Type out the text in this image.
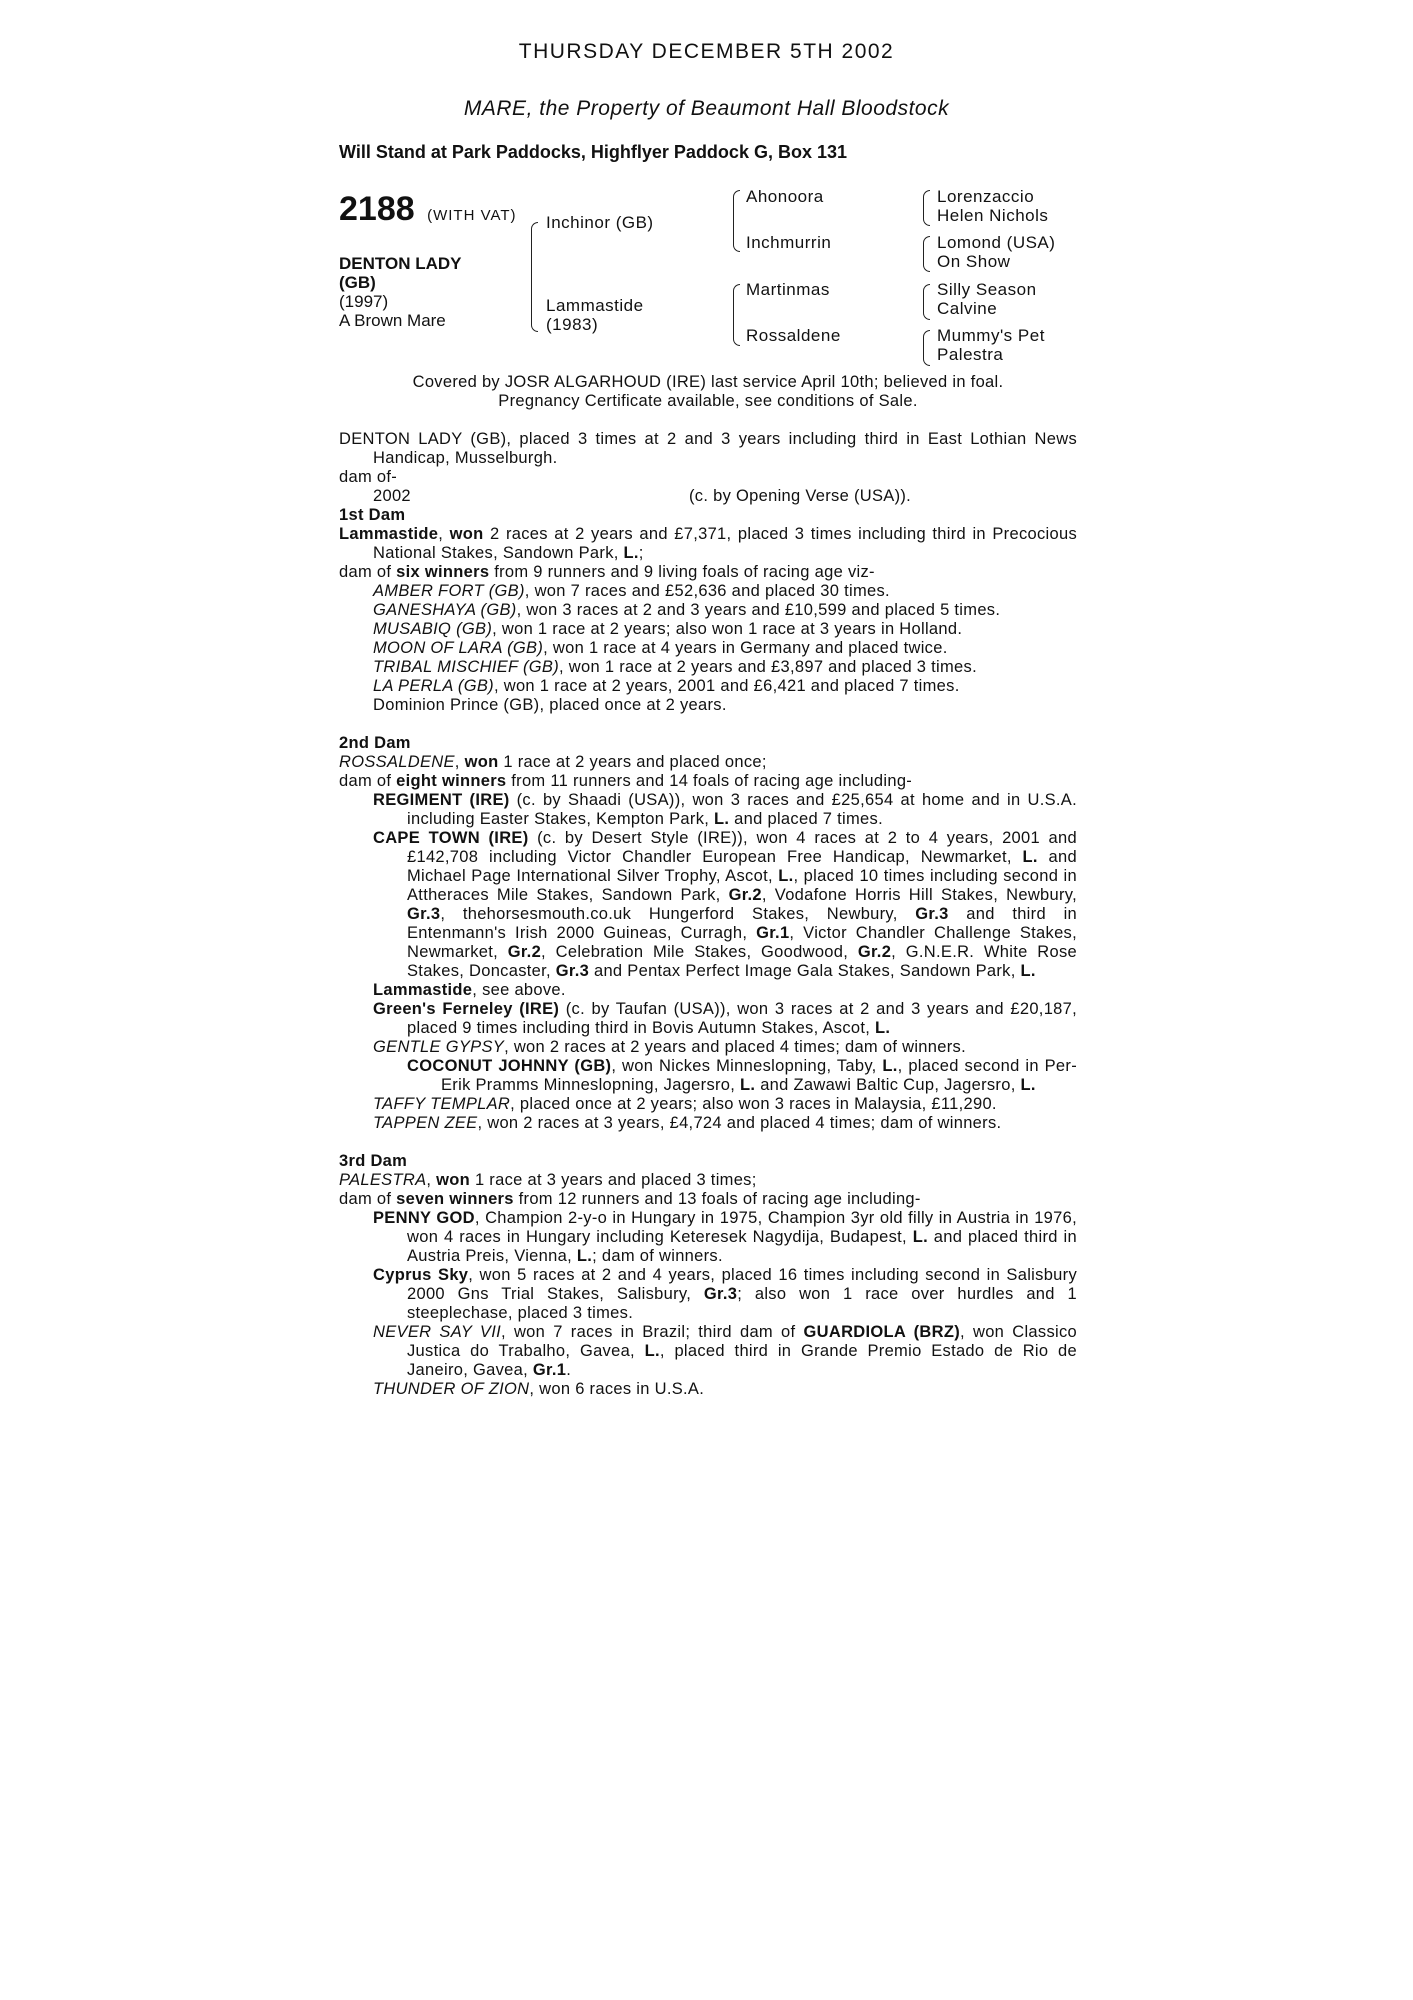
THURSDAY DECEMBER 5TH 2002
MARE, the Property of Beaumont Hall Bloodstock
Will Stand at Park Paddocks, Highflyer Paddock G, Box 131
2188 (WITH VAT)
DENTON LADY
(GB)
(1997)
A Brown Mare
Inchinor (GB)
Lammastide
(1983)
Ahonoora
Inchmurrin
Martinmas
Rossaldene
Lorenzaccio
Helen Nichols
Lomond (USA)
On Show
Silly Season
Calvine
Mummy's Pet
Palestra
Covered by JOSR ALGARHOUD (IRE) last service April 10th; believed in foal.
Pregnancy Certificate available, see conditions of Sale.

DENTON LADY (GB), placed 3 times at 2 and 3 years including third in East Lothian News Handicap, Musselburgh.

dam of-

2002	(c. by Opening Verse (USA)).
1st Dam

Lammastide, won 2 races at 2 years and £7,371, placed 3 times including third in Precocious National Stakes, Sandown Park, L.;

dam of six winners from 9 runners and 9 living foals of racing age viz-

AMBER FORT (GB), won 7 races and £52,636 and placed 30 times.

GANESHAYA (GB), won 3 races at 2 and 3 years and £10,599 and placed 5 times.

MUSABIQ (GB), won 1 race at 2 years; also won 1 race at 3 years in Holland.

MOON OF LARA (GB), won 1 race at 4 years in Germany and placed twice.

TRIBAL MISCHIEF (GB), won 1 race at 2 years and £3,897 and placed 3 times.

LA PERLA (GB), won 1 race at 2 years, 2001 and £6,421 and placed 7 times.

Dominion Prince (GB), placed once at 2 years.

2nd Dam

ROSSALDENE, won 1 race at 2 years and placed once;

dam of eight winners from 11 runners and 14 foals of racing age including-

REGIMENT (IRE) (c. by Shaadi (USA)), won 3 races and £25,654 at home and in U.S.A. including Easter Stakes, Kempton Park, L. and placed 7 times.

CAPE TOWN (IRE) (c. by Desert Style (IRE)), won 4 races at 2 to 4 years, 2001 and £142,708 including Victor Chandler European Free Handicap, Newmarket, L. and Michael Page International Silver Trophy, Ascot, L., placed 10 times including second in Attheraces Mile Stakes, Sandown Park, Gr.2, Vodafone Horris Hill Stakes, Newbury, Gr.3, thehorsesmouth.co.uk Hungerford Stakes, Newbury, Gr.3 and third in Entenmann's Irish 2000 Guineas, Curragh, Gr.1, Victor Chandler Challenge Stakes, Newmarket, Gr.2, Celebration Mile Stakes, Goodwood, Gr.2, G.N.E.R. White Rose Stakes, Doncaster, Gr.3 and Pentax Perfect Image Gala Stakes, Sandown Park, L.

Lammastide, see above.

Green's Ferneley (IRE) (c. by Taufan (USA)), won 3 races at 2 and 3 years and £20,187, placed 9 times including third in Bovis Autumn Stakes, Ascot, L.

GENTLE GYPSY, won 2 races at 2 years and placed 4 times; dam of winners.

COCONUT JOHNNY (GB), won Nickes Minneslopning, Taby, L., placed second in Per-Erik Pramms Minneslopning, Jagersro, L. and Zawawi Baltic Cup, Jagersro, L.

TAFFY TEMPLAR, placed once at 2 years; also won 3 races in Malaysia, £11,290.

TAPPEN ZEE, won 2 races at 3 years, £4,724 and placed 4 times; dam of winners.

3rd Dam

PALESTRA, won 1 race at 3 years and placed 3 times;

dam of seven winners from 12 runners and 13 foals of racing age including-

PENNY GOD, Champion 2-y-o in Hungary in 1975, Champion 3yr old filly in Austria in 1976, won 4 races in Hungary including Keteresek Nagydija, Budapest, L. and placed third in Austria Preis, Vienna, L.; dam of winners.

Cyprus Sky, won 5 races at 2 and 4 years, placed 16 times including second in Salisbury 2000 Gns Trial Stakes, Salisbury, Gr.3; also won 1 race over hurdles and 1 steeplechase, placed 3 times.

NEVER SAY VII, won 7 races in Brazil; third dam of GUARDIOLA (BRZ), won Classico Justica do Trabalho, Gavea, L., placed third in Grande Premio Estado de Rio de Janeiro, Gavea, Gr.1.

THUNDER OF ZION, won 6 races in U.S.A.
